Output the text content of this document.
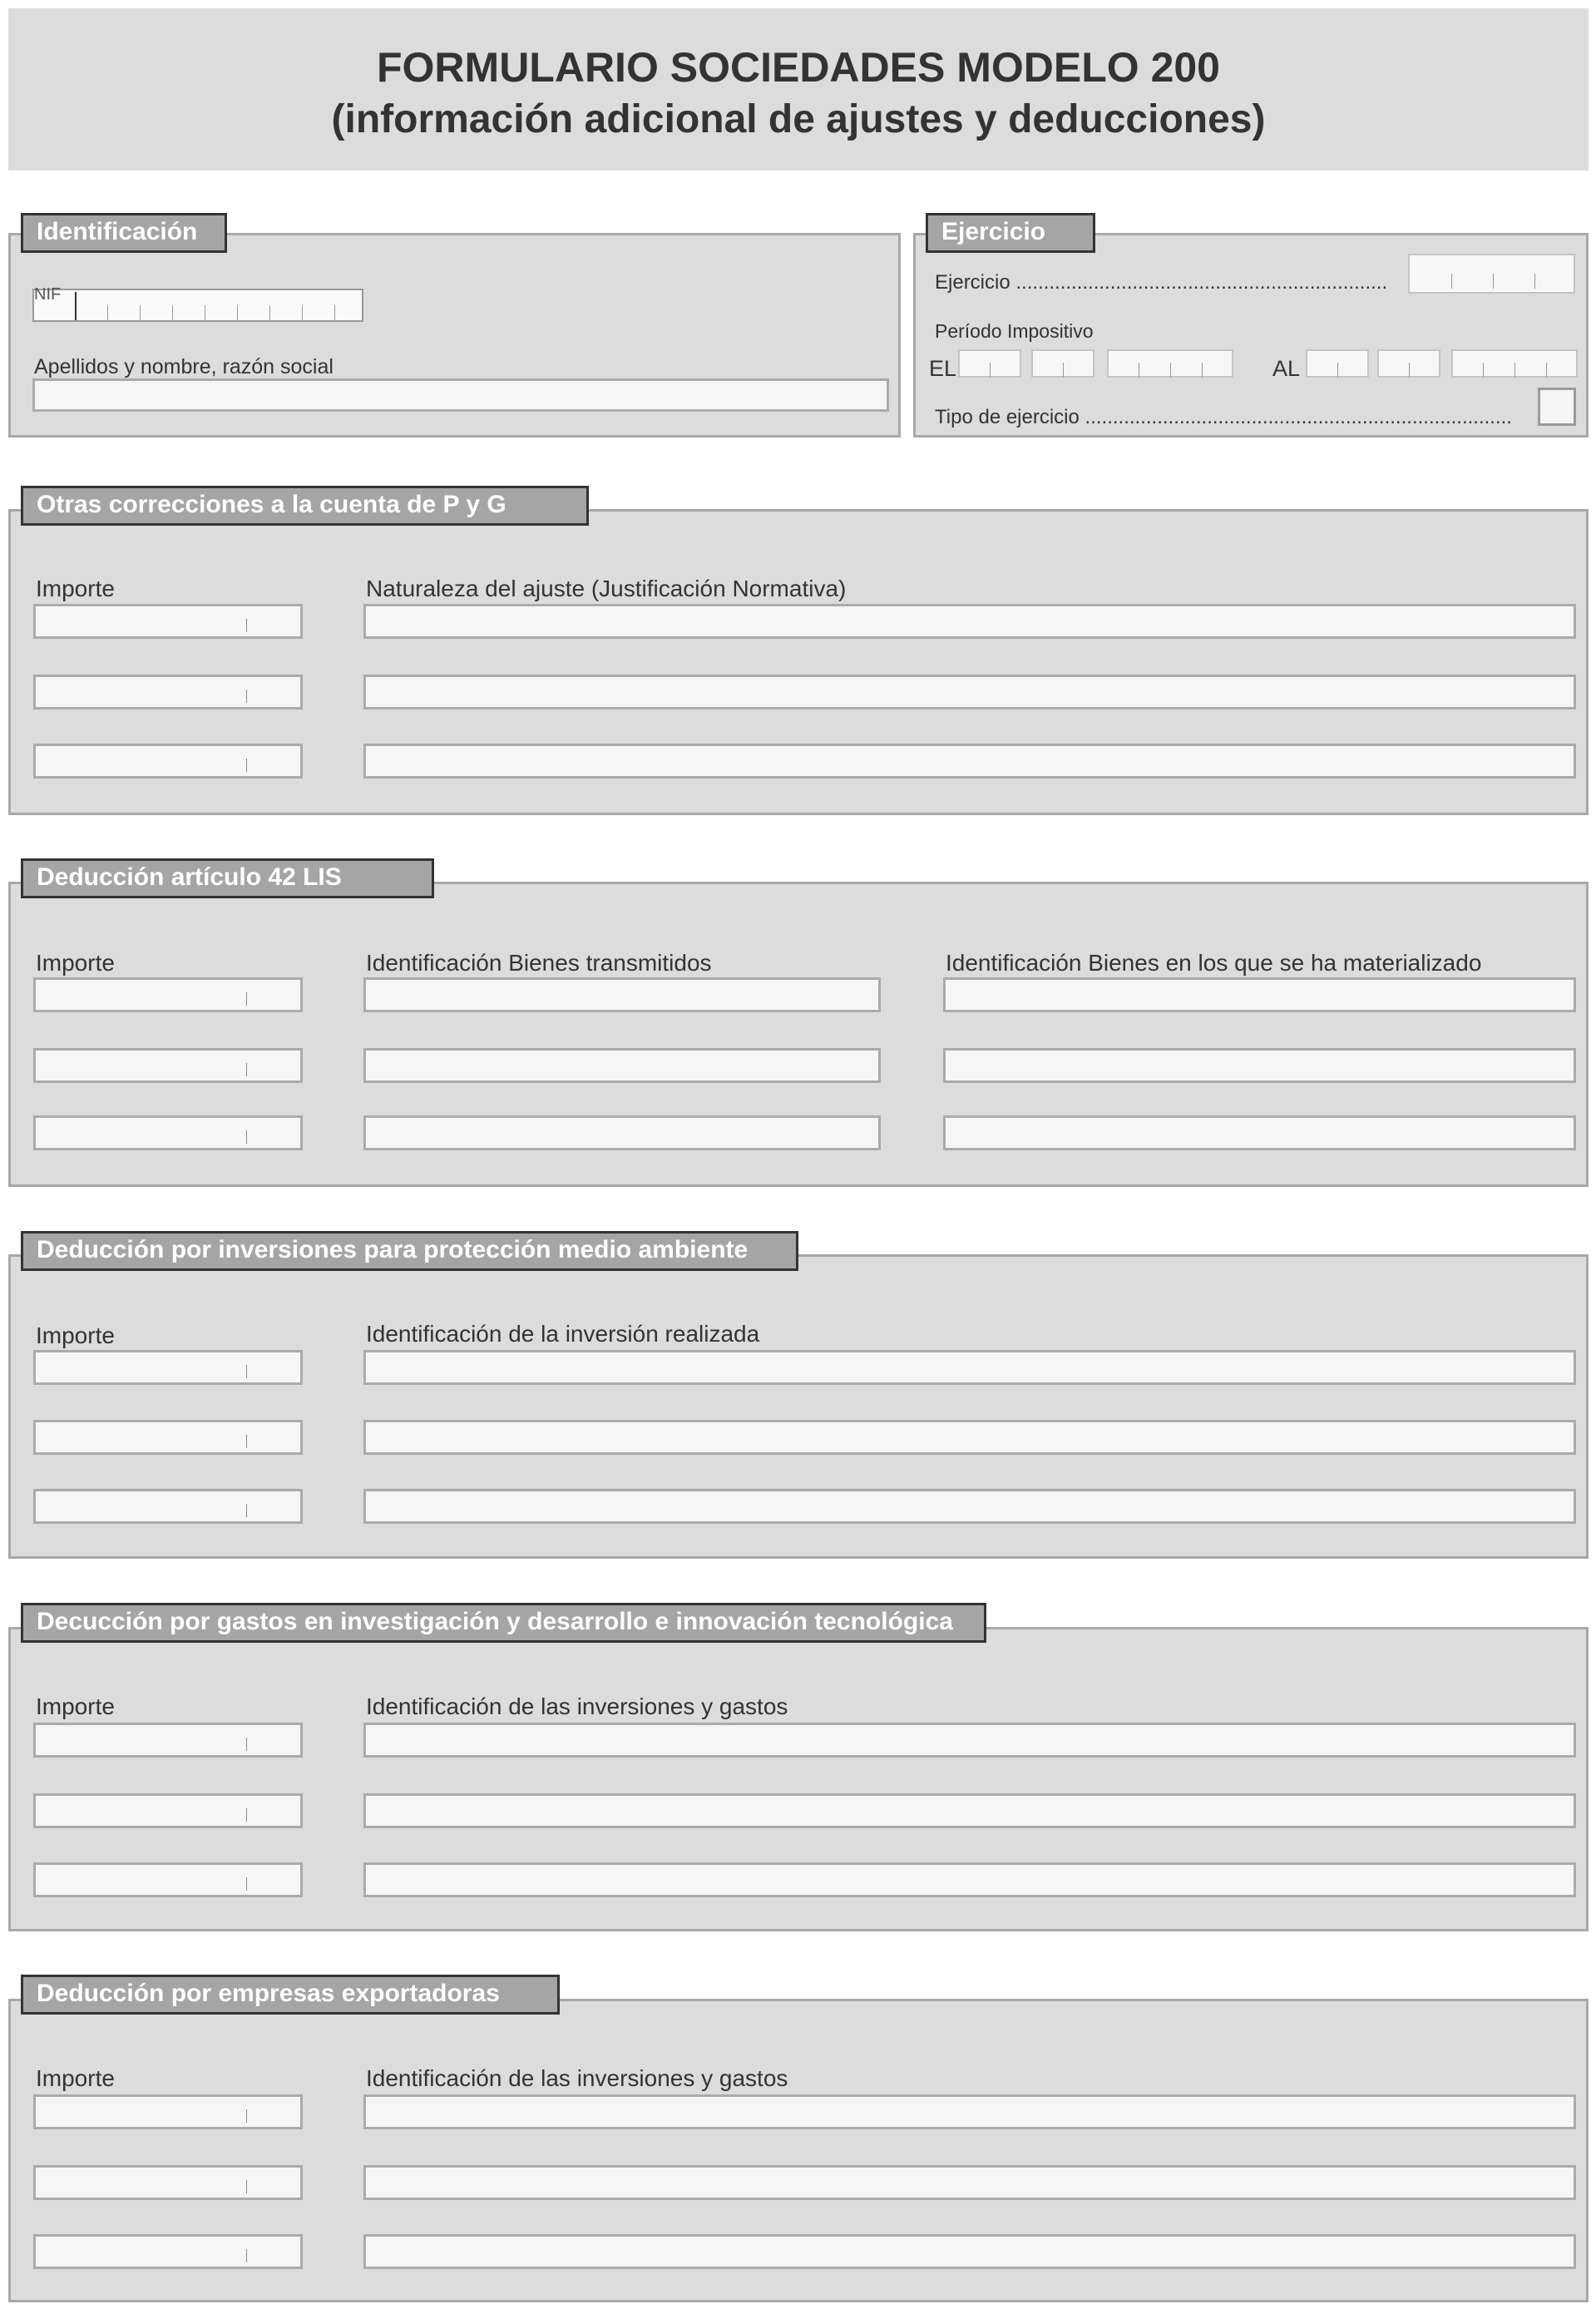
FORMULARIO SOCIEDADES MODELO 200
(información adicional de ajustes y deducciones)
Identificación
NIF
Apellidos y nombre, razón social
Ejercicio
Ejercicio ...................................................................
Período Impositivo
EL	AL
Tipo de ejercicio .............................................................................
Otras correcciones a la cuenta de P y G
Importe	Naturaleza del ajuste (Justificación Normativa)
Deducción artículo 42 LIS
Importe	Identificación Bienes transmitidos	Identificación Bienes en los que se ha materializado
Deducción por inversiones para protección medio ambiente
Importe	Identificación de la inversión realizada
Decucción por gastos en investigación y desarrollo e innovación tecnológica
Importe	Identificación de las inversiones y gastos
Deducción por empresas exportadoras
Importe	Identificación de las inversiones y gastos
